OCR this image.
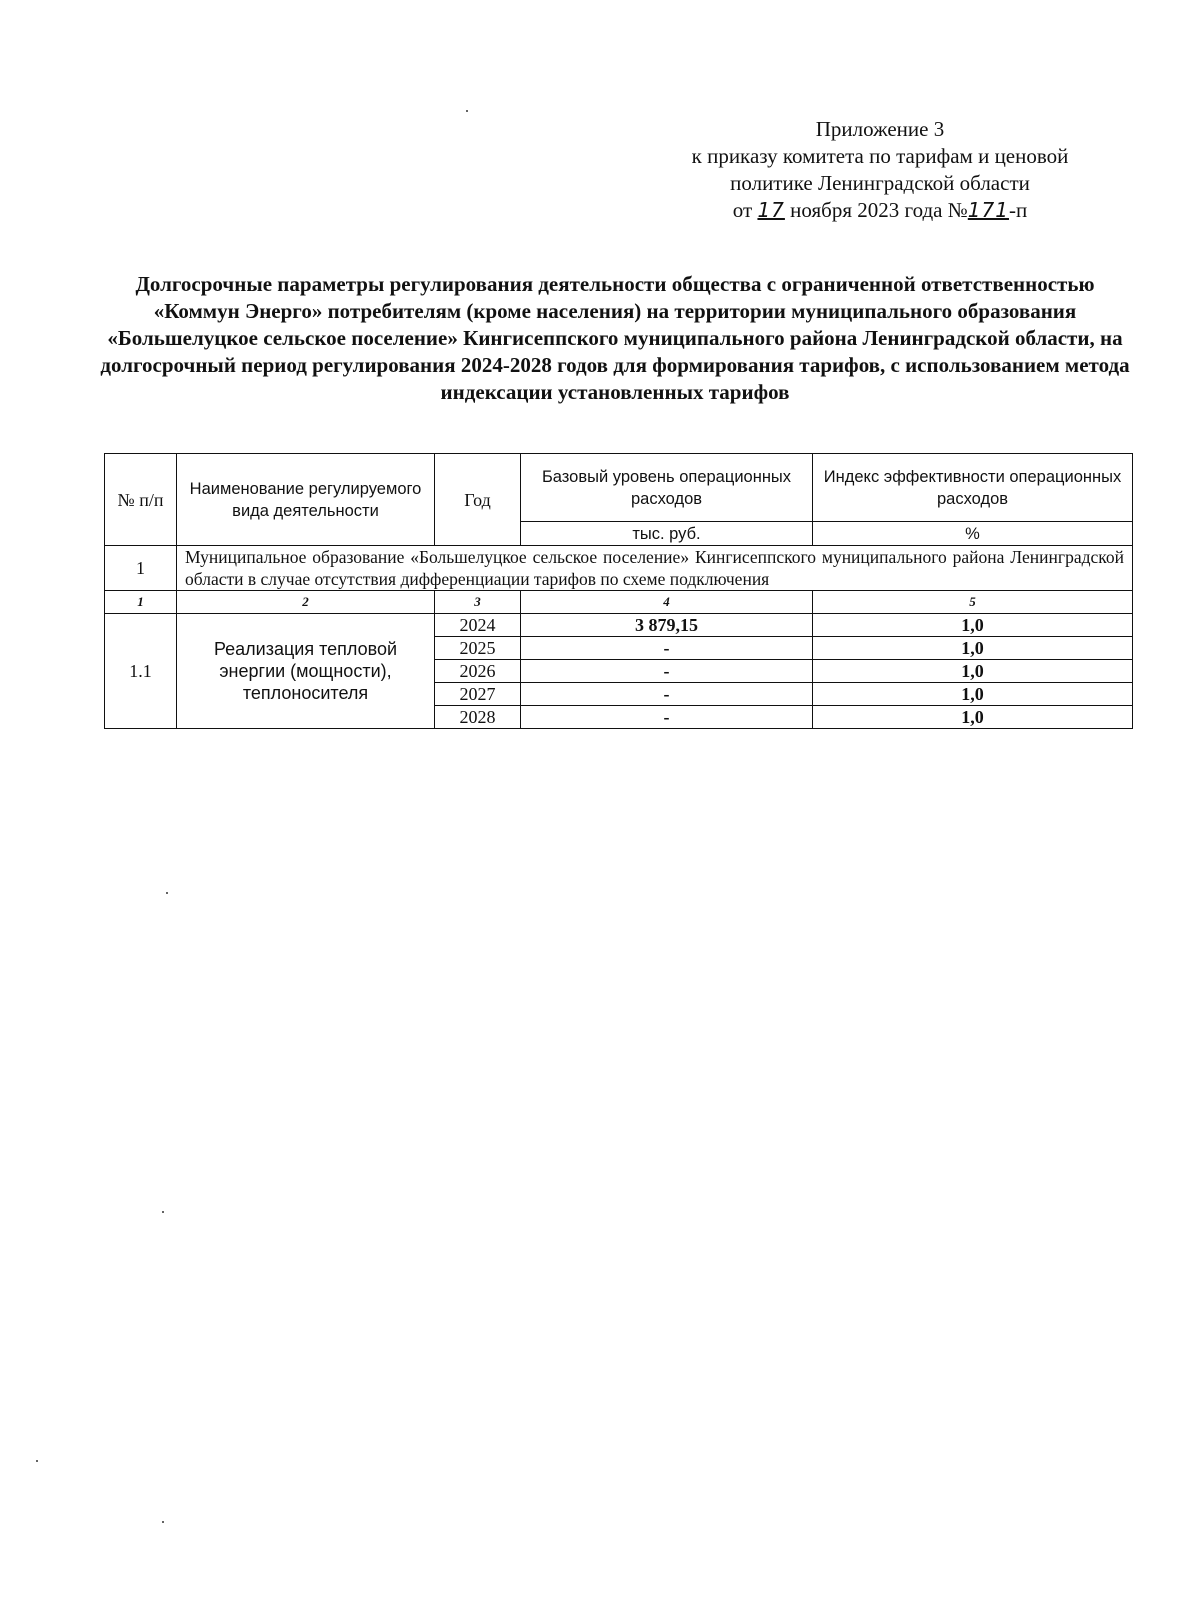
Приложение 3
к приказу комитета по тарифам и ценовой
политике Ленинградской области
от 17 ноября 2023 года №171-п
Долгосрочные параметры регулирования деятельности общества с ограниченной ответственностью «Коммун Энерго» потребителям (кроме населения) на территории муниципального образования «Большелуцкое сельское поселение» Кингисеппского муниципального района Ленинградской области, на долгосрочный период регулирования 2024-2028 годов для формирования тарифов, с использованием метода индексации установленных тарифов
№ п/п	Наименование регулируемого вида деятельности	Год	Базовый уровень операционных расходов	Индекс эффективности операционных расходов
			тыс. руб.	%
1	Муниципальное образование «Большелуцкое сельское поселение» Кингисеппского муниципального района Ленинградской области в случае отсутствия дифференциации тарифов по схеме подключения			
1	2	3	4	5
1.1	Реализация тепловой энергии (мощности), теплоносителя	2024	3 879,15	1,0
		2025	-	1,0
		2026	-	1,0
		2027	-	1,0
		2028	-	1,0
